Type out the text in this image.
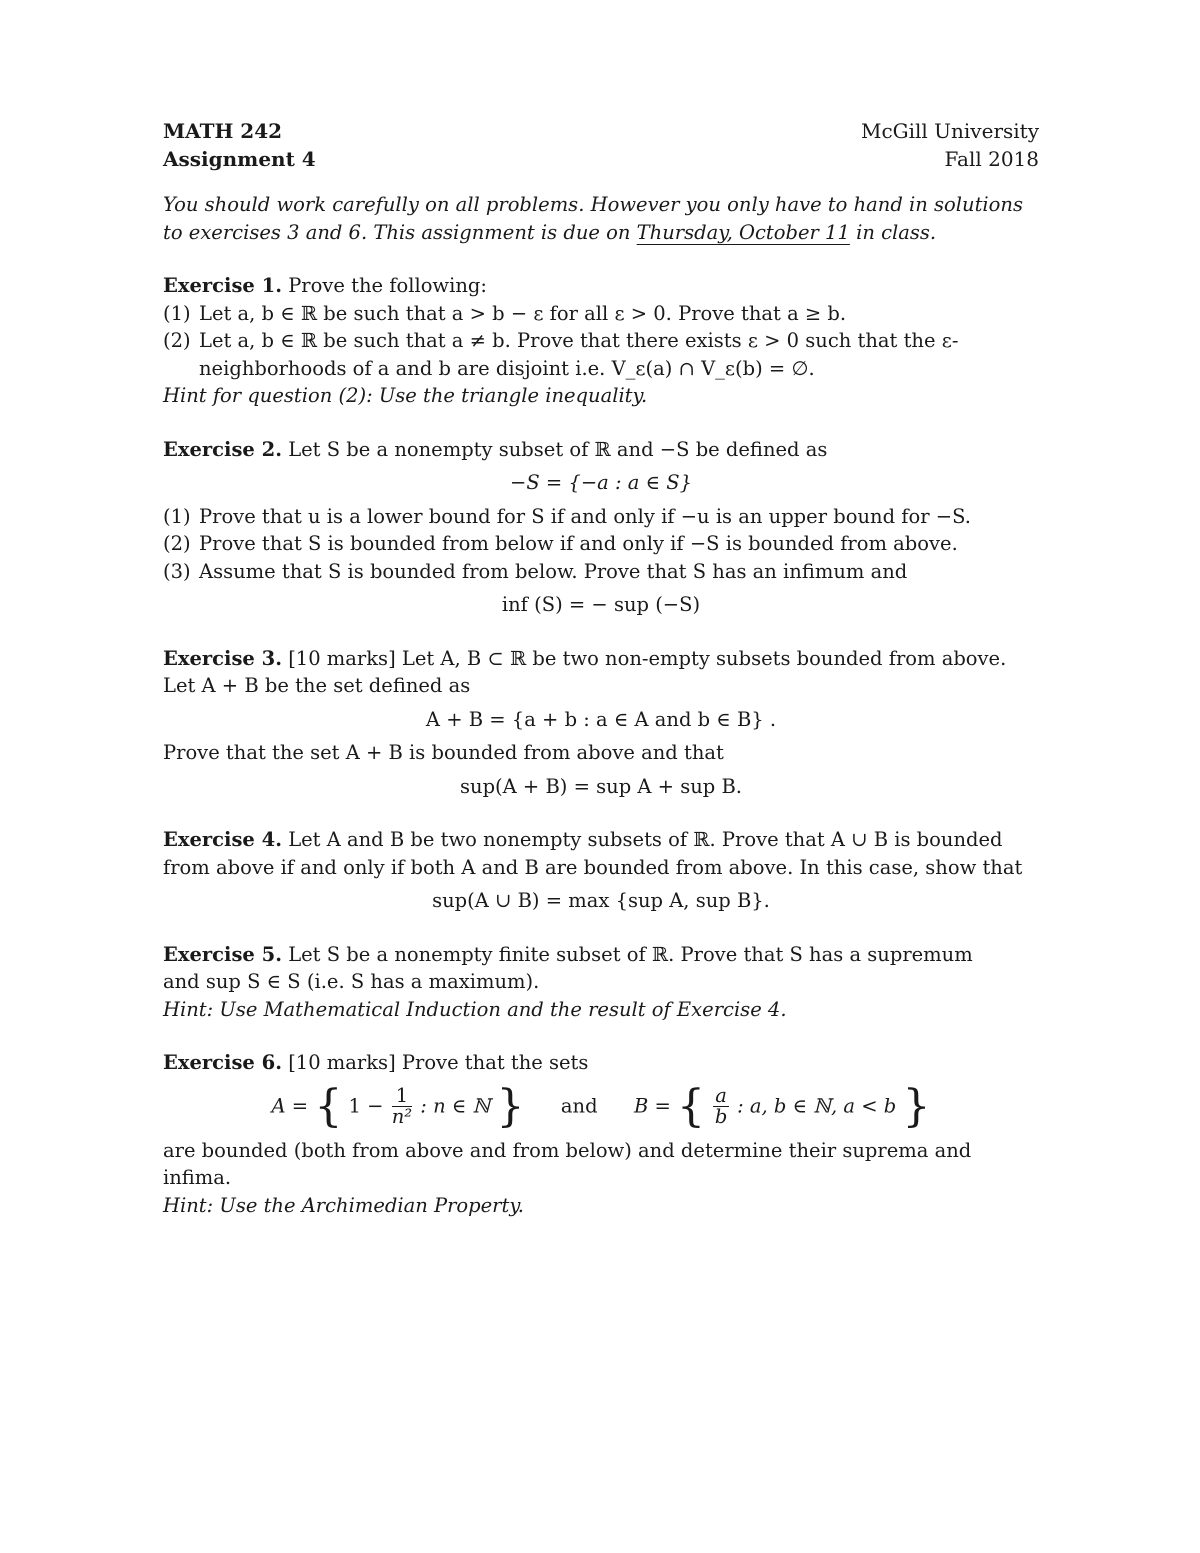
MATH 242	McGill University
Assignment 4	Fall 2018
You should work carefully on all problems. However you only have to hand in solutions
to exercises 3 and 6. This assignment is due on Thursday, October 11 in class.
Exercise 1. Prove the following:
(1) Let a, b ∈ ℝ be such that a > b − ε for all ε > 0. Prove that a ≥ b.
(2) Let a, b ∈ ℝ be such that a ≠ b. Prove that there exists ε > 0 such that the ε-neighborhoods of a and b are disjoint i.e. V_ε(a) ∩ V_ε(b) = ∅.
Hint for question (2): Use the triangle inequality.
Exercise 2. Let S be a nonempty subset of ℝ and −S be defined as
−S = {−a : a ∈ S}
(1) Prove that u is a lower bound for S if and only if −u is an upper bound for −S.
(2) Prove that S is bounded from below if and only if −S is bounded from above.
(3) Assume that S is bounded from below. Prove that S has an infimum and
inf (S) = − sup (−S)
Exercise 3. [10 marks] Let A, B ⊂ ℝ be two non-empty subsets bounded from above.
Let A + B be the set defined as
A + B = {a + b : a ∈ A and b ∈ B} .
Prove that the set A + B is bounded from above and that
sup(A + B) = sup A + sup B.
Exercise 4. Let A and B be two nonempty subsets of ℝ. Prove that A ∪ B is bounded
from above if and only if both A and B are bounded from above. In this case, show that
sup(A ∪ B) = max {sup A, sup B}.
Exercise 5. Let S be a nonempty finite subset of ℝ. Prove that S has a supremum
and sup S ∈ S (i.e. S has a maximum).
Hint: Use Mathematical Induction and the result of Exercise 4.
Exercise 6. [10 marks] Prove that the sets
A = { $1 - \frac{1}{\text{n²}}$ : n ∈ ℕ } and B = { $\frac{a}{b}$ : a, b ∈ ℕ, a < b }
are bounded (both from above and from below) and determine their suprema and infima.
Hint: Use the Archimedian Property.
